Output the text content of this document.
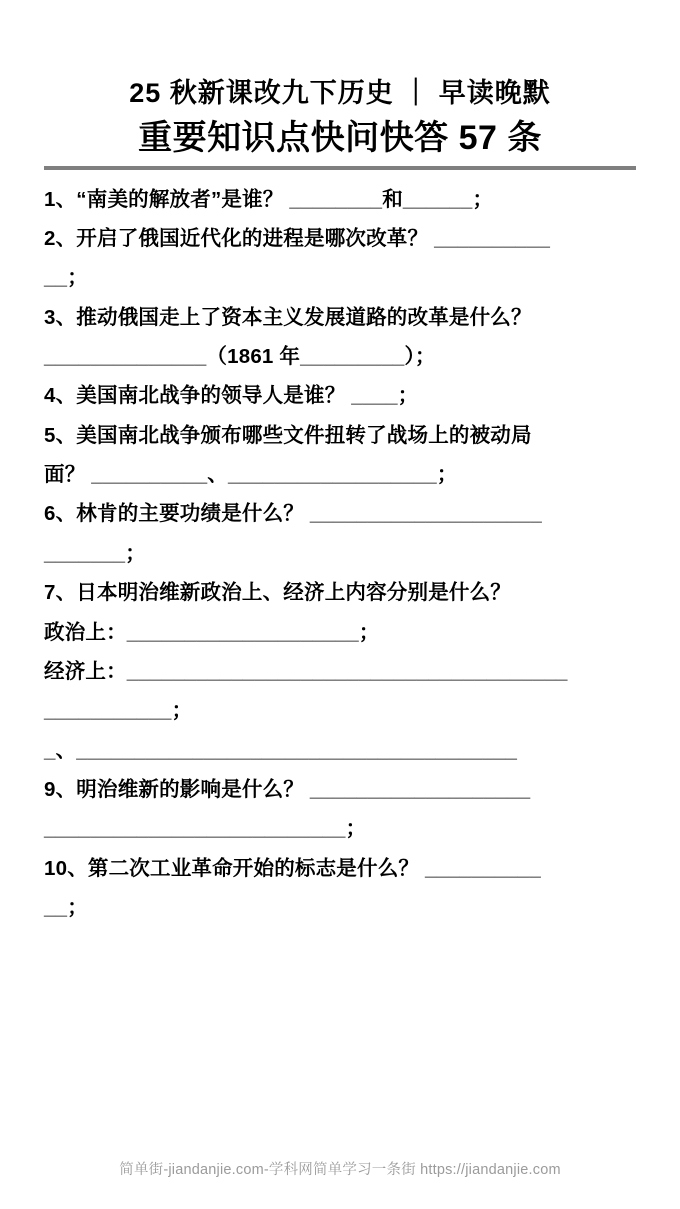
25 秋新课改九下历史 ｜ 早读晚默
重要知识点快问快答 57 条
1、“南美的解放者”是谁？ ________和______；
2、开启了俄国近代化的进程是哪次改革？ __________
__；
3、推动俄国走上了资本主义发展道路的改革是什么？
______________（1861 年_________）；
4、美国南北战争的领导人是谁？ ____；
5、美国南北战争颁布哪些文件扭转了战场上的被动局
面？ __________、__________________；
6、林肯的主要功绩是什么？ ____________________
_______；
7、日本明治维新政治上、经济上内容分别是什么？
政治上：____________________；
经济上：______________________________________
___________；
_、______________________________________
9、明治维新的影响是什么？ ___________________
__________________________；
10、第二次工业革命开始的标志是什么？ __________
__；
简单街-jiandanjie.com-学科网简单学习一条街 https://jiandanjie.com
